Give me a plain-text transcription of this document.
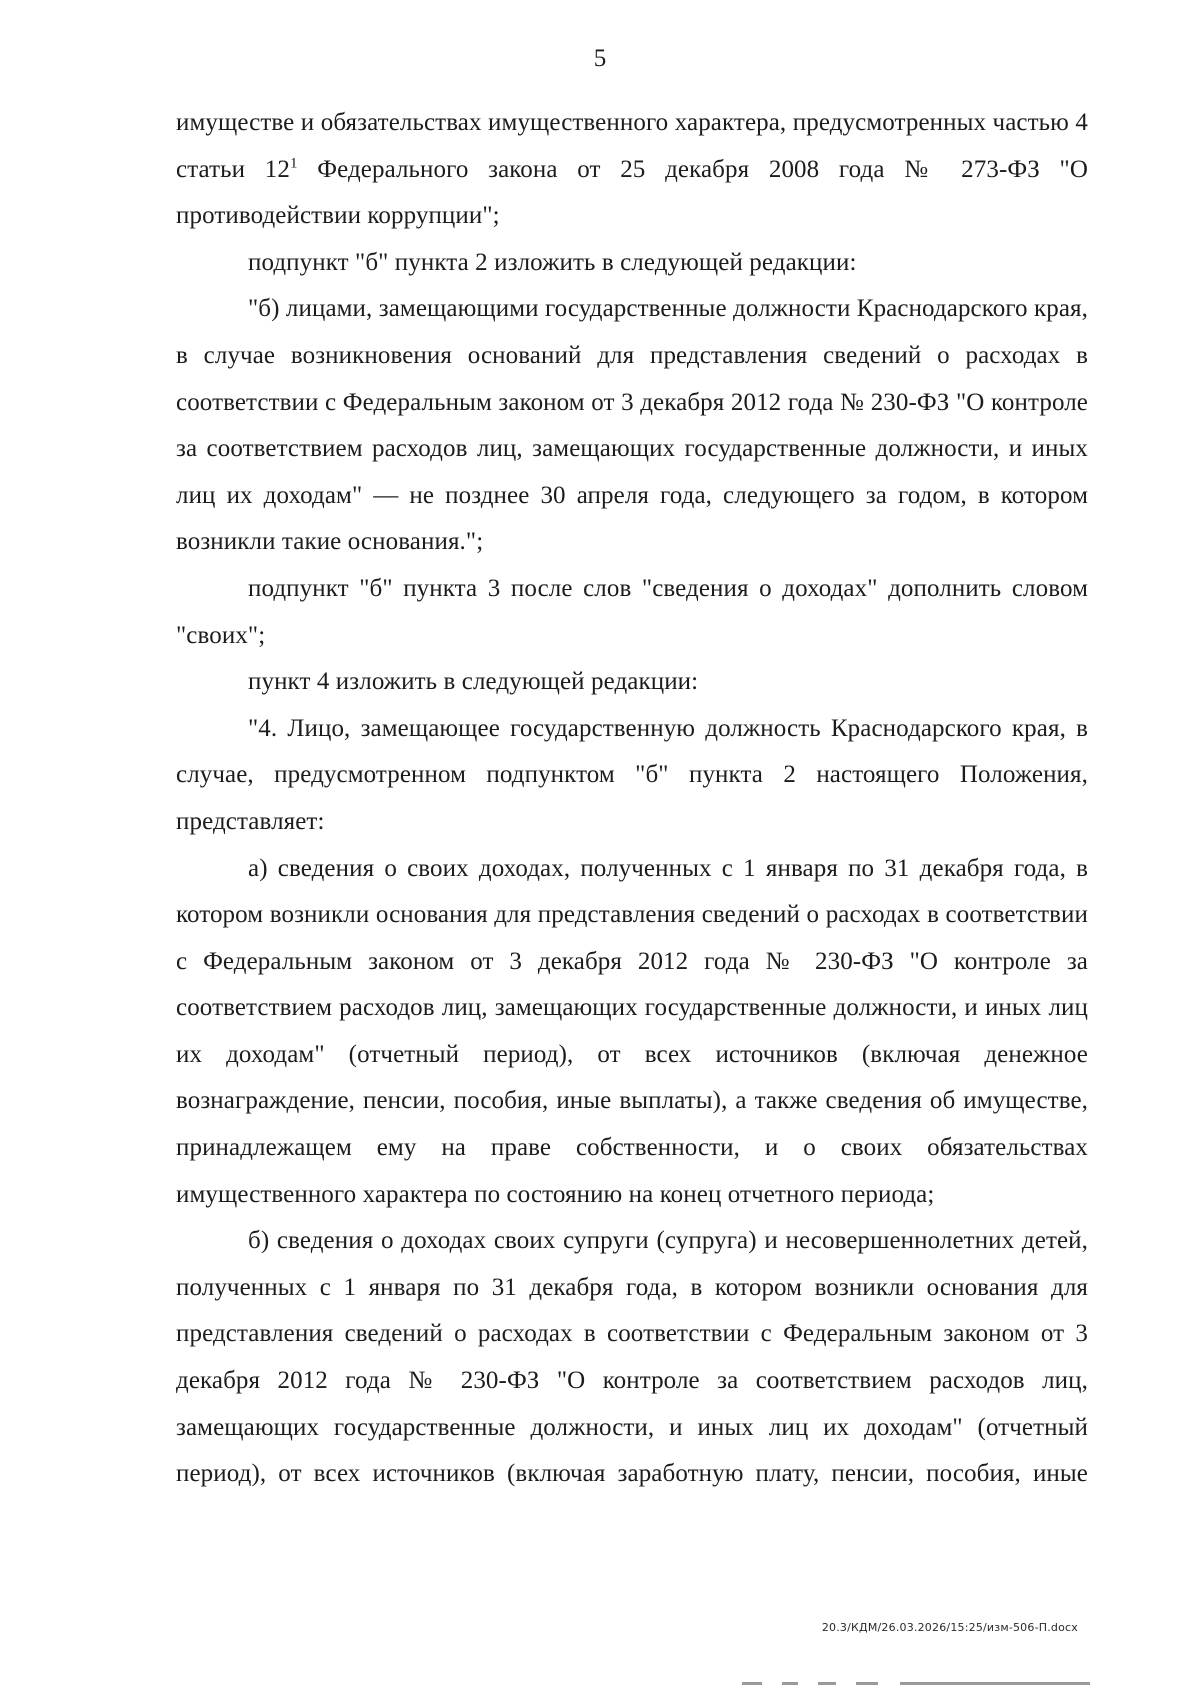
5

имуществе и обязательствах имущественного характера, предусмотренных частью 4 статьи $12^1$ Федерального закона от 25 декабря 2008 года № 273-ФЗ "О противодействии коррупции";

подпункт "б" пункта 2 изложить в следующей редакции:

"б) лицами, замещающими государственные должности Краснодарского края, в случае возникновения оснований для представления сведений о расходах в соответствии с Федеральным законом от 3 декабря 2012 года № 230-ФЗ "О контроле за соответствием расходов лиц, замещающих государственные должности, и иных лиц их доходам" — не позднее 30 апреля года, следующего за годом, в котором возникли такие основания.";

подпункт "б" пункта 3 после слов "сведения о доходах" дополнить словом "своих";

пункт 4 изложить в следующей редакции:

"4. Лицо, замещающее государственную должность Краснодарского края, в случае, предусмотренном подпунктом "б" пункта 2 настоящего Положения, представляет:

а) сведения о своих доходах, полученных с 1 января по 31 декабря года, в котором возникли основания для представления сведений о расходах в соответствии с Федеральным законом от 3 декабря 2012 года № 230-ФЗ "О контроле за соответствием расходов лиц, замещающих государственные должности, и иных лиц их доходам" (отчетный период), от всех источников (включая денежное вознаграждение, пенсии, пособия, иные выплаты), а также сведения об имуществе, принадлежащем ему на праве собственности, и о своих обязательствах имущественного характера по состоянию на конец отчетного периода;

б) сведения о доходах своих супруги (супруга) и несовершеннолетних детей, полученных с 1 января по 31 декабря года, в котором возникли основания для представления сведений о расходах в соответствии с Федеральным законом от 3 декабря 2012 года № 230-ФЗ "О контроле за соответствием расходов лиц, замещающих государственные должности, и иных лиц их доходам" (отчетный период), от всех источников (включая заработную плату, пенсии, пособия, иные

20.3/КДМ/26.03.2026/15:25/изм-506-П.docx
